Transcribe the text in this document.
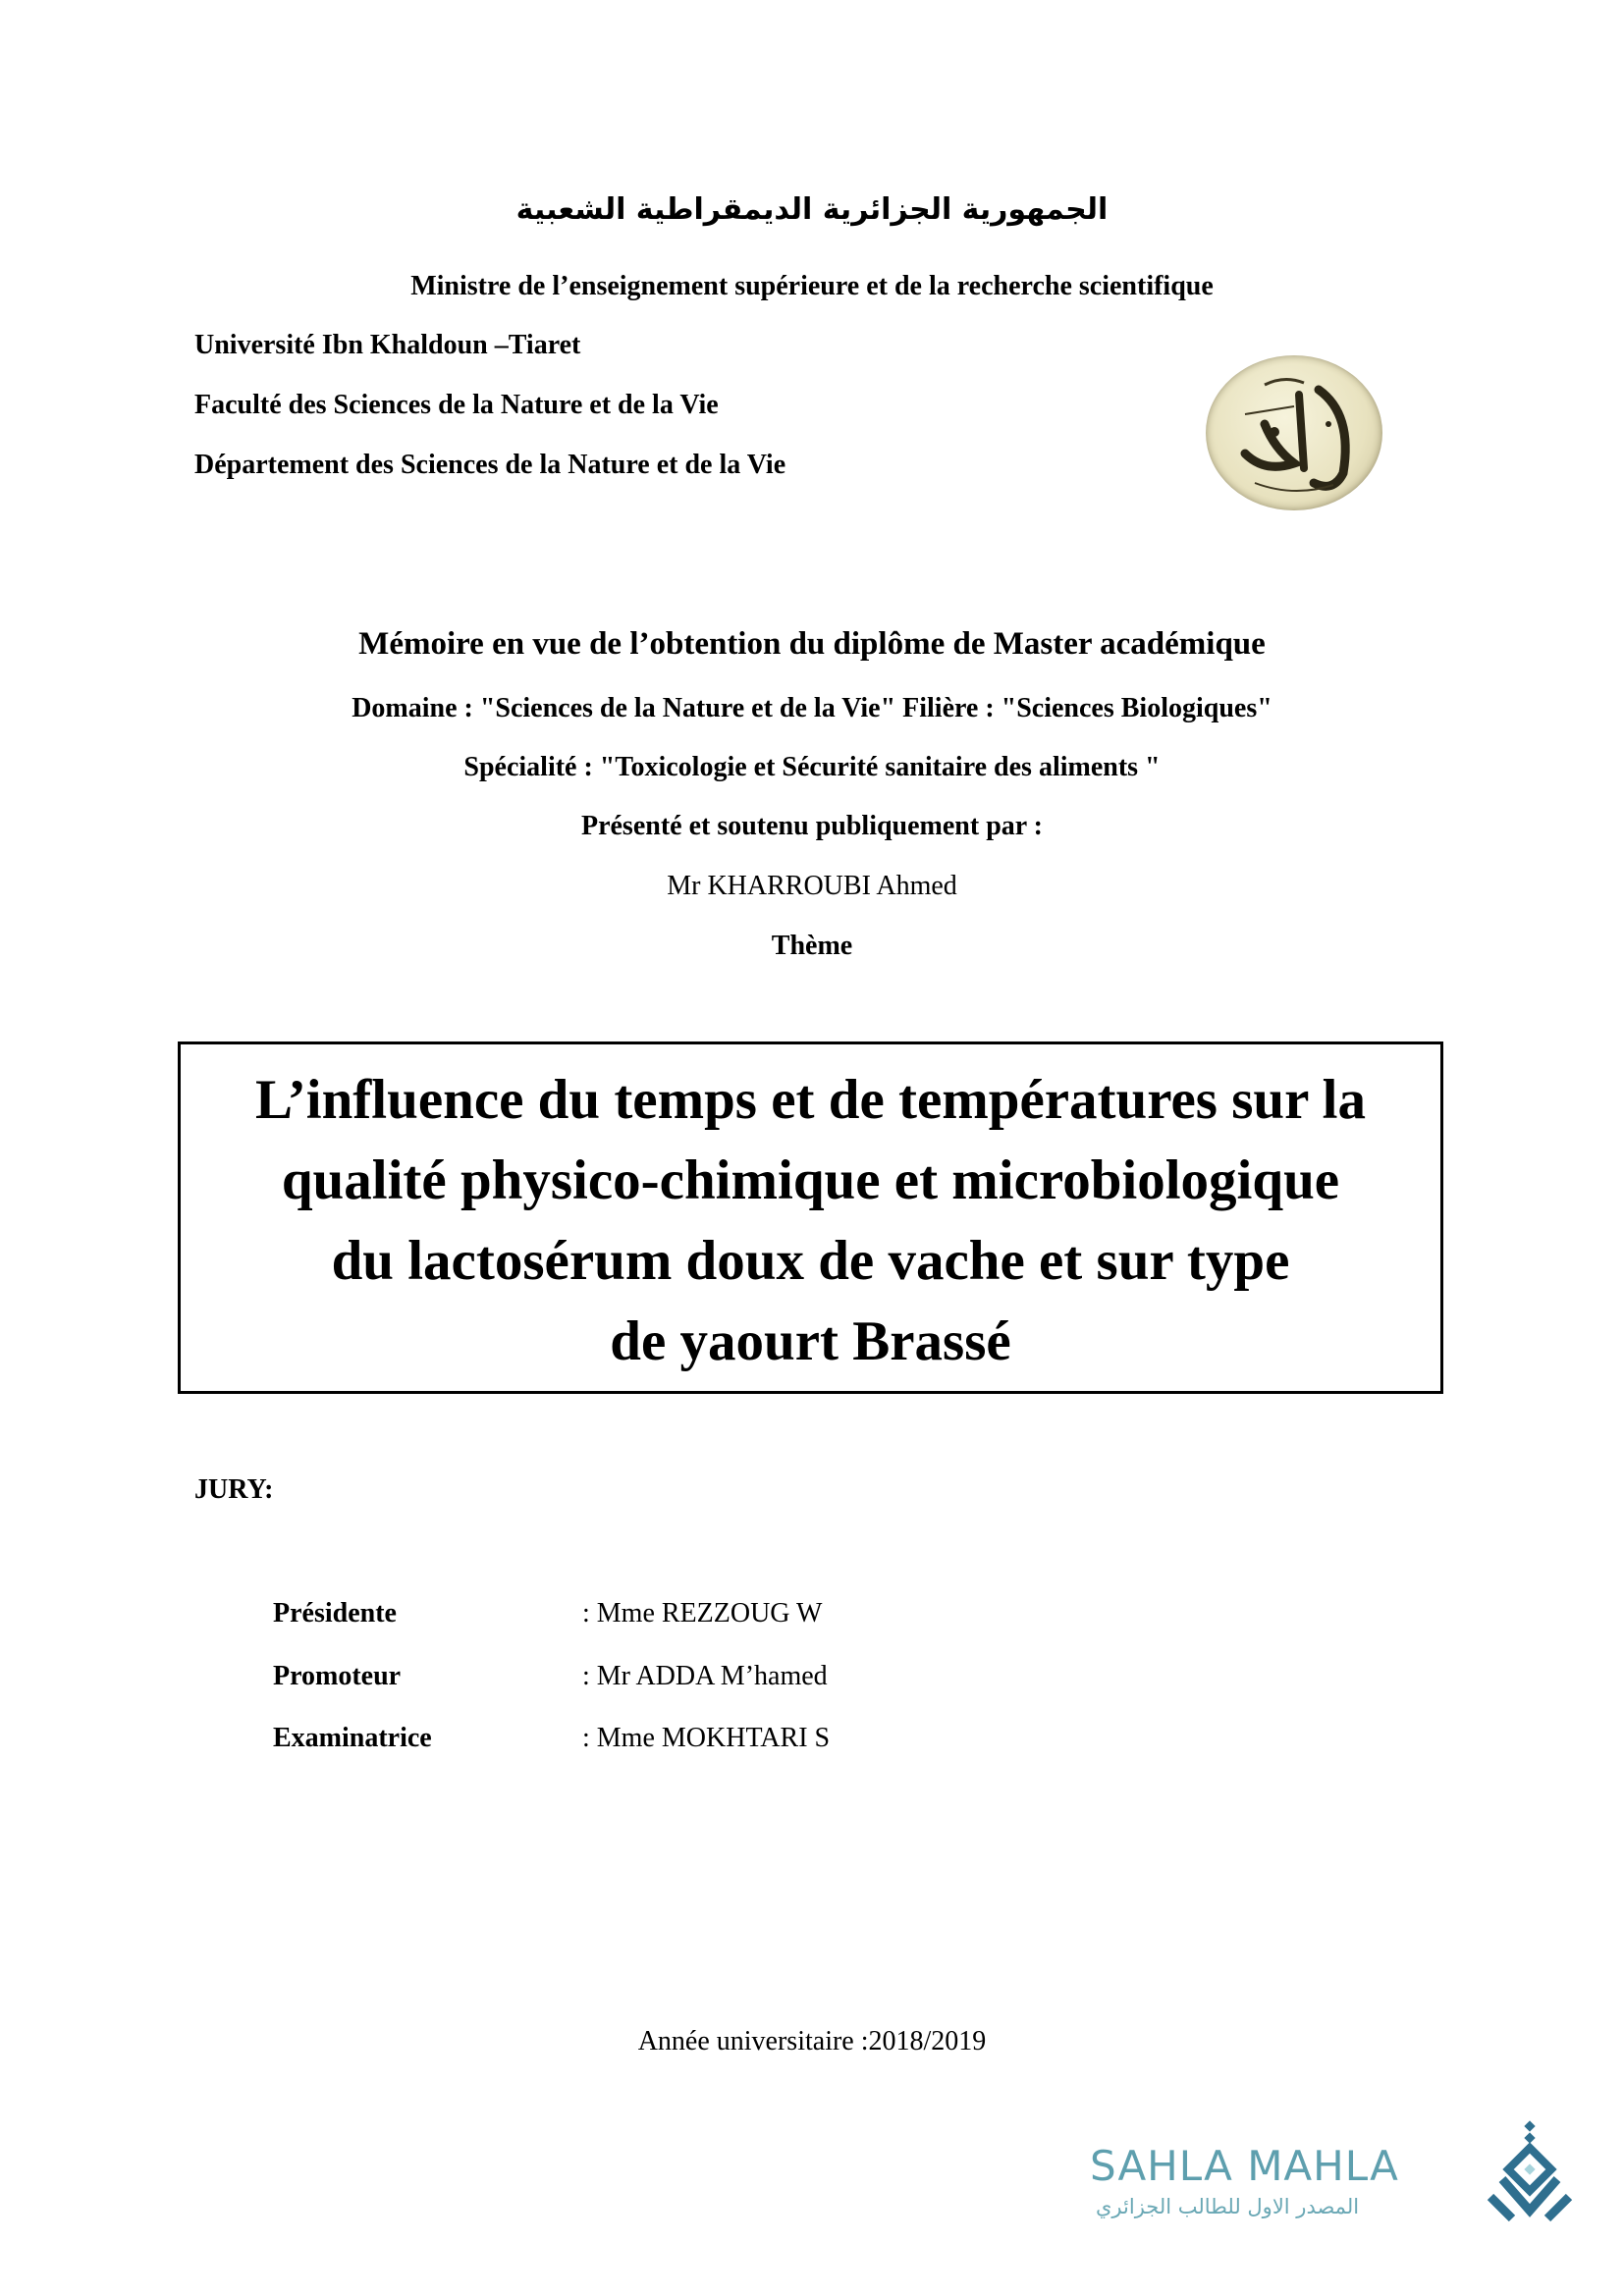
الجمهورية الجزائرية الديمقراطية الشعبية
Ministre de l’enseignement supérieure et de la recherche scientifique
Université Ibn Khaldoun –Tiaret
Faculté des Sciences de la Nature et de la Vie
Département des Sciences de la Nature et de la Vie
Mémoire en vue de l’obtention du diplôme de Master académique
Domaine : "Sciences de la Nature et de la Vie" Filière : "Sciences Biologiques"
Spécialité : "Toxicologie et Sécurité sanitaire des aliments "
Présenté et soutenu publiquement par :
Mr KHARROUBI Ahmed
Thème
L’influence du temps et de températures sur la
qualité physico-chimique et microbiologique
du lactosérum doux de vache et sur type
de yaourt Brassé
JURY:
Présidente	: Mme REZZOUG W
Promoteur	: Mr ADDA M’hamed
Examinatrice	: Mme MOKHTARI S
Année universitaire :2018/2019
SAHLA MAHLA
المصدر الاول للطالب الجزائري
